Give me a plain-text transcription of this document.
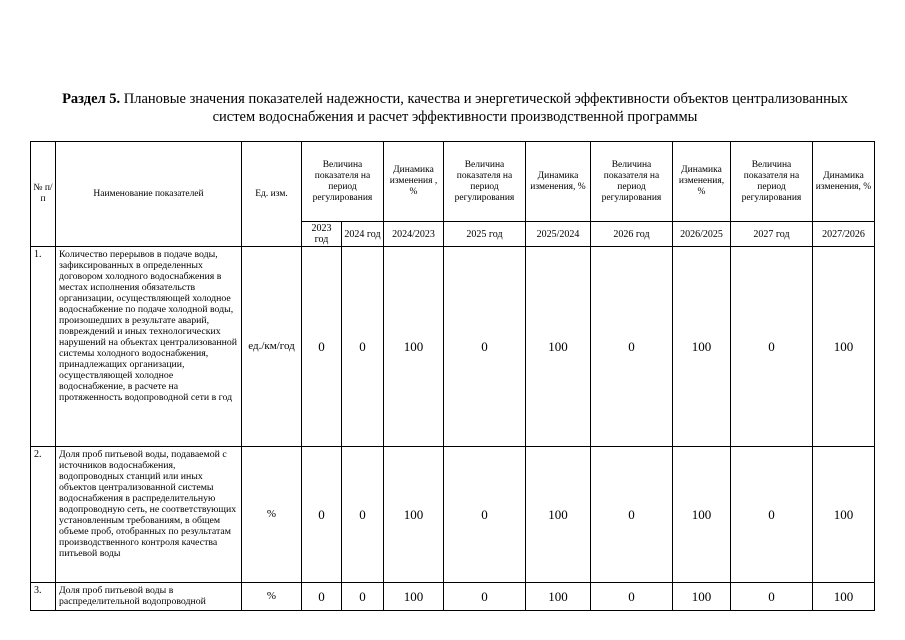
Раздел 5. Плановые значения показателей надежности, качества и энергетической эффективности объектов централизованных систем водоснабжения и расчет эффективности производственной программы
№ п/п	Наименование показателей	Ед. изм.	Величина показателя на период регулирования		Динамика изменения , %	Величина показателя на период регулирования	Динамика изменения, %	Величина показателя на период регулирования	Динамика изменения, %	Величина показателя на период регулирования	Динамика изменения, %
			2023 год	2024 год	2024/2023	2025 год	2025/2024	2026 год	2026/2025	2027 год	2027/2026
1.	Количество перерывов в подаче воды, зафиксированных в определенных договором холодного водоснабжения в местах исполнения обязательств организации, осуществляющей холодное водоснабжение по подаче холодной воды, произошедших в результате аварий, повреждений и иных технологических нарушений на объектах централизованной системы холодного водоснабжения, принадлежащих организации, осуществляющей холодное водоснабжение, в расчете на протяженность водопроводной сети в год	ед./км/год	0	0	100	0	100	0	100	0	100
2.	Доля проб питьевой воды, подаваемой с источников водоснабжения, водопроводных станций или иных объектов централизованной системы водоснабжения в распределительную водопроводную сеть, не соответствующих установленным требованиям, в общем объеме проб, отобранных по результатам производственного контроля качества питьевой воды	%	0	0	100	0	100	0	100	0	100
3.	Доля проб питьевой воды в распределительной водопроводной	%	0	0	100	0	100	0	100	0	100
